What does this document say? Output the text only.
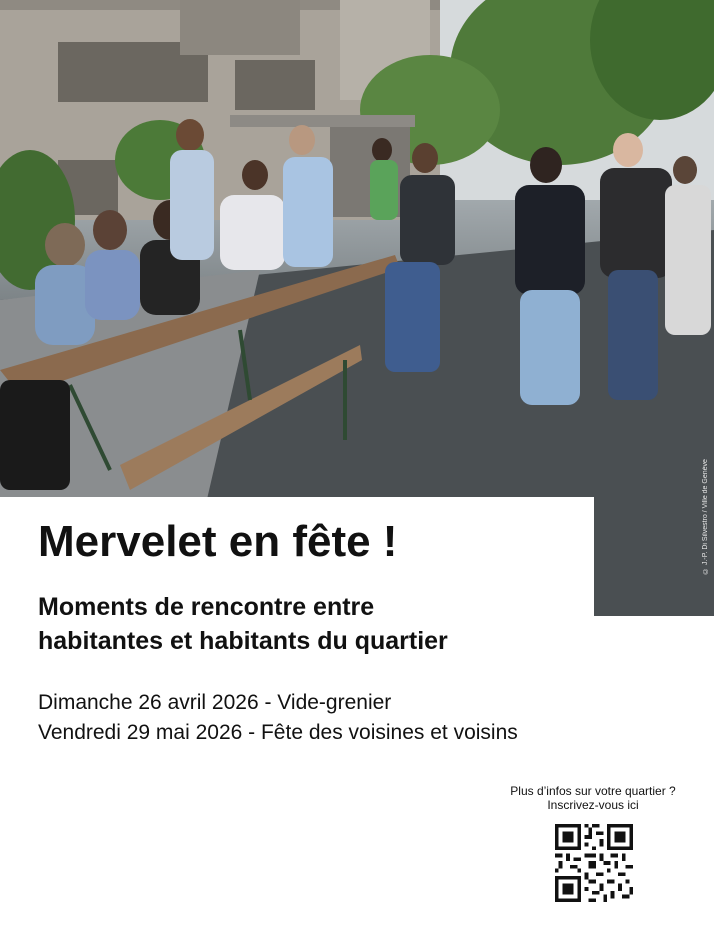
© J.-P. Di Silvestro / Ville de Genève
Mervelet en fête !
Moments de rencontre entre
habitantes et habitants du quartier
Dimanche 26 avril 2026 - Vide-grenier
Vendredi 29 mai 2026 - Fête des voisines et voisins
Plus d’infos sur votre quartier ?
Inscrivez-vous ici
